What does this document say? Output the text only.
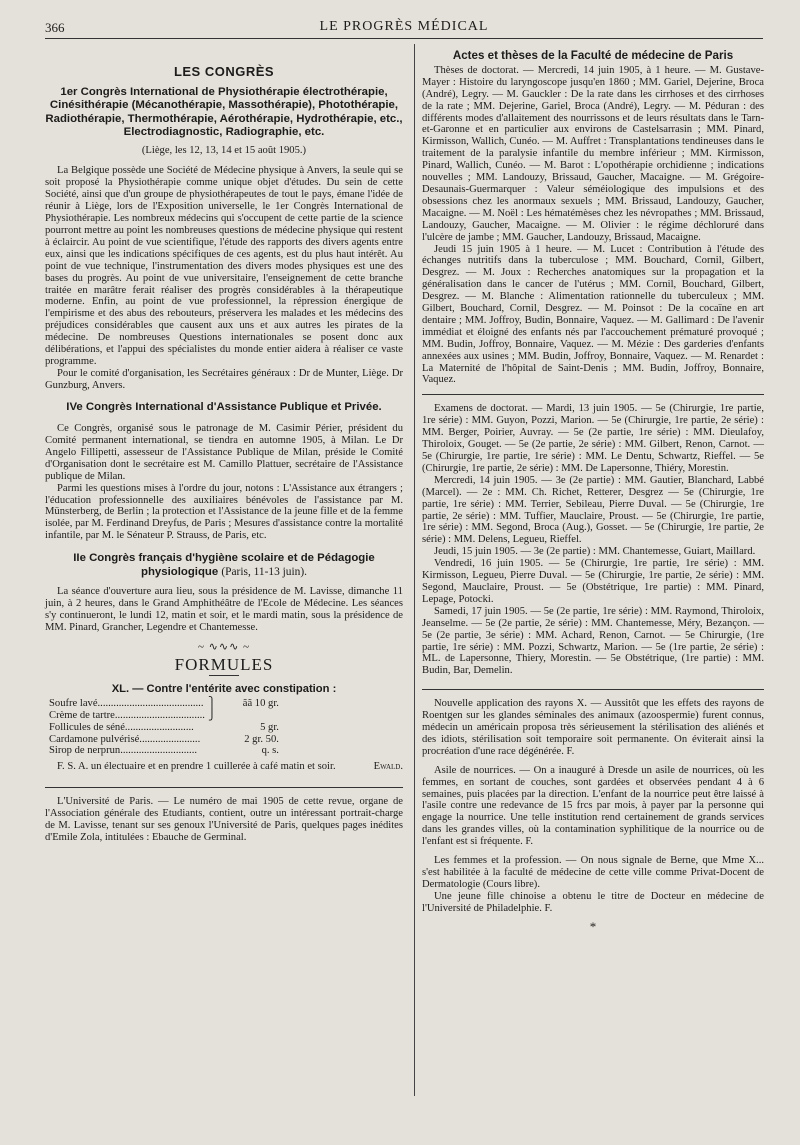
366	LE PROGRÈS MÉDICAL
LES CONGRÈS
1er Congrès International de Physiothérapie électrothérapie, Cinésithérapie (Mécanothérapie, Massothérapie), Photothérapie, Radiothérapie, Thermothérapie, Aérothérapie, Hydrothérapie, etc., Electrodiagnostic, Radiographie, etc.

(Liège, les 12, 13, 14 et 15 août 1905.)

La Belgique possède une Société de Médecine physique à Anvers, la seule qui se soit proposé la Physiothérapie comme unique objet d'études. Du sein de cette Société, ainsi que d'un groupe de physiothérapeutes de tout le pays, émane l'idée de réunir à Liège, lors de l'Exposition universelle, le 1er Congrès International de Physiothérapie. Les nombreux médecins qui s'occupent de cette partie de la science pourront mettre au point les nombreuses questions de médecine physique qui restent à éclaircir. Au point de vue scientifique, l'étude des rapports des divers agents entre eux, ainsi que les indications spécifiques de ces agents, est du plus haut intérêt. Au point de vue technique, l'instrumentation des divers modes physiques est une des bases du progrès. Au point de vue universitaire, l'enseignement de cette branche traitée en marâtre ferait réaliser des progrès considérables à la thérapeutique moderne. Enfin, au point de vue professionnel, la répression énergique de l'empirisme et des abus des rebouteurs, préservera les malades et les médecins des préjudices considérables que causent aux uns et aux autres les pirates de la médecine. De nombreuses Questions internationales se posent donc aux délibérations, et l'appui des spécialistes du monde entier aidera à réaliser ce vaste programme.

Pour le comité d'organisation, les Secrétaires généraux : Dr de Munter, Liège. Dr Gunzburg, Anvers.

IVe Congrès International d'Assistance Publique et Privée.

Ce Congrès, organisé sous le patronage de M. Casimir Périer, président du Comité permanent international, se tiendra en automne 1905, à Milan. Le Dr Angelo Fillipetti, assesseur de l'Assistance Publique de Milan, préside le Comité d'Organisation dont le secrétaire est M. Camillo Plattuer, secrétaire de l'Assistance publique de Milan.

Parmi les questions mises à l'ordre du jour, notons : L'Assistance aux étrangers ; l'éducation professionnelle des auxiliaires bénévoles de l'assistance par M. Münsterberg, de Berlin ; la protection et l'Assistance de la jeune fille et de la femme isolée, par M. Ferdinand Dreyfus, de Paris ; Mesures d'assistance contre la mortalité infantile, par M. le Sénateur P. Strauss, de Paris, etc.

IIe Congrès français d'hygiène scolaire et de Pédagogie physiologique (Paris, 11-13 juin).

La séance d'ouverture aura lieu, sous la présidence de M. Lavisse, dimanche 11 juin, à 2 heures, dans le Grand Amphithéâtre de l'Ecole de Médecine. Les séances s'y continueront, le lundi 12, matin et soir, et le mardi matin, sous la présidence de MM. Pinard, Grancher, Legendre et Chantemesse.

~ ∿∿∿ ~
FORMULES
XL. — Contre l'entérite avec constipation :
Soufre lavé........................................	⎫	ãã 10 gr.
Crème de tartre..................................	⎭	
Follicules de séné..........................		5 gr.
Cardamone pulvérisé.......................		2 gr. 50.
Sirop de nerprun.............................		q. s.

F. S. A. un électuaire et en prendre 1 cuillerée à café matin et soir.	Ewald.

L'Université de Paris. — Le numéro de mai 1905 de cette revue, organe de l'Association générale des Etudiants, contient, outre un intéressant portrait-charge de M. Lavisse, tenant sur ses genoux l'Université de Paris, quelques pages inédites d'Emile Zola, intitulées : Ebauche de Germinal.

Actes et thèses de la Faculté de médecine de Paris

Thèses de doctorat. — Mercredi, 14 juin 1905, à 1 heure. — M. Gustave-Mayer : Histoire du laryngoscope jusqu'en 1860 ; MM. Gariel, Dejerine, Broca (André), Legry. — M. Gauckler : De la rate dans les cirrhoses et des cirrhoses de la rate ; MM. Dejerine, Gariel, Broca (André), Legry. — M. Péduran : des différents modes d'allaitement des nourrissons et de leurs résultats dans le Tarn-et-Garonne et en particulier aux environs de Castelsarrasin ; MM. Pinard, Kirmisson, Wallich, Cunéo. — M. Auffret : Transplantations tendineuses dans le traitement de la paralysie infantile du membre inférieur ; MM. Kirmisson, Pinard, Wallich, Cunéo. — M. Barot : L'opothérapie orchidienne ; indications nouvelles ; MM. Landouzy, Brissaud, Gaucher, Macaigne. — M. Grégoire-Desaunais-Guermarquer : Valeur séméiologique des impulsions et des obsessions chez les anormaux sexuels ; MM. Brissaud, Landouzy, Gaucher, Macaigne. — M. Noël : Les hématémèses chez les névropathes ; MM. Brissaud, Landouzy, Gaucher, Macaigne. — M. Olivier : le régime déchloruré dans l'ulcère de jambe ; MM. Gaucher, Landouzy, Brissaud, Macaigne.

Jeudi 15 juin 1905 à 1 heure. — M. Lucet : Contribution à l'étude des échanges nutritifs dans la tuberculose ; MM. Bouchard, Cornil, Gilbert, Desgrez. — M. Joux : Recherches anatomiques sur la propagation et la généralisation dans le cancer de l'utérus ; MM. Cornil, Bouchard, Gilbert, Desgrez. — M. Blanche : Alimentation rationnelle du tuberculeux ; MM. Gilbert, Bouchard, Cornil, Desgrez. — M. Poinsot : De la cocaïne en art dentaire ; MM. Joffroy, Budin, Bonnaire, Vaquez. — M. Gallimard : De l'avenir immédiat et éloigné des enfants nés par l'accouchement prématuré provoqué ; MM. Budin, Joffroy, Bonnaire, Vaquez. — M. Mézie : Des garderies d'enfants annexées aux usines ; MM. Budin, Joffroy, Bonnaire, Vaquez. — M. Renardet : La Maternité de l'hôpital de Saint-Denis ; MM. Budin, Joffroy, Bonnaire, Vaquez.

Examens de doctorat. — Mardi, 13 juin 1905. — 5e (Chirurgie, 1re partie, 1re série) : MM. Guyon, Pozzi, Marion. — 5e (Chirurgie, 1re partie, 2e série) : MM. Berger, Poirier, Auvray. — 5e (2e partie, 1re série) : MM. Dieulafoy, Thiroloix, Gouget. — 5e (2e partie, 2e série) : MM. Gilbert, Renon, Carnot. — 5e (Chirurgie, 1re partie, 1re série) : MM. Le Dentu, Schwartz, Rieffel. — 5e (Chirurgie, 1re partie, 2e série) : MM. De Lapersonne, Thiéry, Morestin.

Mercredi, 14 juin 1905. — 3e (2e partie) : MM. Gautier, Blanchard, Labbé (Marcel). — 2e : MM. Ch. Richet, Retterer, Desgrez — 5e (Chirurgie, 1re partie, 1re série) : MM. Terrier, Sebileau, Pierre Duval. — 5e (Chirurgie, 1re partie, 2e série) : MM. Tuffier, Mauclaire, Proust. — 5e (Chirurgie, 1re partie, 1re série) : MM. Segond, Broca (Aug.), Gosset. — 5e (Chirurgie, 1re partie, 2e série) : MM. Delens, Legueu, Rieffel.

Jeudi, 15 juin 1905. — 3e (2e partie) : MM. Chantemesse, Guiart, Maillard.

Vendredi, 16 juin 1905. — 5e (Chirurgie, 1re partie, 1re série) : MM. Kirmisson, Legueu, Pierre Duval. — 5e (Chirurgie, 1re partie, 2e série) : MM. Segond, Mauclaire, Proust. — 5e (Obstétrique, 1re partie) : MM. Pinard, Lepage, Potocki.

Samedi, 17 juin 1905. — 5e (2e partie, 1re série) : MM. Raymond, Thiroloix, Jeanselme. — 5e (2e partie, 2e série) : MM. Chantemesse, Méry, Bezançon. — 5e (2e partie, 3e série) : MM. Achard, Renon, Carnot. — 5e Chirurgie, (1re partie, 1re série) : MM. Pozzi, Schwartz, Marion. — 5e (1re partie, 2e série) : ML. de Lapersonne, Thiery, Morestin. — 5e Obstétrique, (1re partie) : MM. Budin, Bar, Demelin.

Nouvelle application des rayons X. — Aussitôt que les effets des rayons de Roentgen sur les glandes séminales des animaux (azoospermie) furent connus, médecin un américain proposa très sérieusement la stérilisation des aliénés et des idiots, stérilisation soit temporaire soit permanente. On éviterait ainsi la procréation d'une race dégénérée. F.

Asile de nourrices. — On a inauguré à Dresde un asile de nourrices, où les femmes, en sortant de couches, sont gardées et observées pendant 4 à 6 semaines, puis placées par la direction. L'enfant de la nourrice peut être laissé à l'asile contre une redevance de 15 frcs par mois, à payer par la personne qui engage la nourrice. Une telle institution rend certainement de grands services dans les grandes villes, où la contamination syphilitique de la nourrice ou de l'enfant est si fréquente. F.

Les femmes et la profession. — On nous signale de Berne, que Mme X... s'est habilitée à la faculté de médecine de cette ville comme Privat-Docent de Dermatologie (Cours libre).

Une jeune fille chinoise a obtenu le titre de Docteur en médecine de l'Université de Philadelphie. F.

*
